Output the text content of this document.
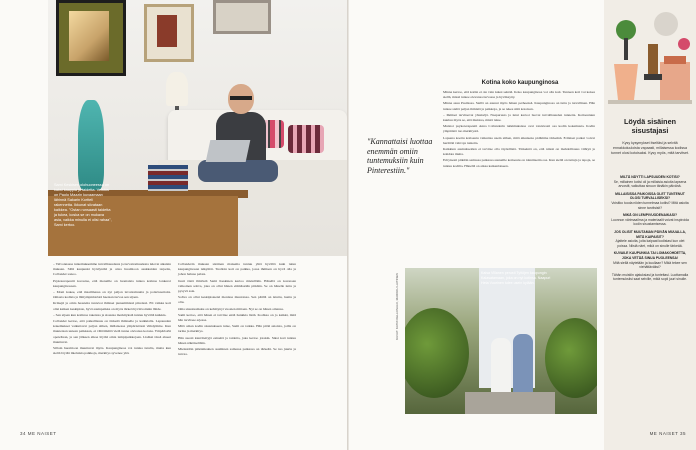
Sami Keskisen olohuoneessa on kaksi kaappia ja taidetta. Veistos on Paolo Mazzin kuvaamaan lähinnä Sakarin Kortteli rakennetta. Ikkunat siivataan kaikkea. "Ostan runsaasti taidetta ja tukea, koska se on mukava asia, vaikka minulla ei olisi rahaa", Sami kertoo.

– Valvonnassa tuntemuksemme turvallisuudesta ja turvattomuudesta tulevat aikaisin mukaan. Sillä kaupunki hyödyntää ja ottaa huomioon asukkaiden tarpeita, Collander sanoo.

Psykoterapeutti korostaa, että moneille on luontaista tuntea kotinsa lonkerot kaupunginosaan.

– Moni kokee, että maailmassa on nyt paljon levottomuutta ja polarisaatioita. Omasta kodista ja lähiympäristöstä haetaan turvaa sen sijaan.

Kriisejä ja omia haasteita tuntevat ihmiset pienemmissä piireissä. Eli vaikka koti olisi kaiken keskipiste, hyvä asuinpaikka on myös tärkeä hyvinvoinnin lähde.

– Sen sijaan kun kotiinsa rakentaa ja sisustaa merkityksiä tuntuu hyvältä kaikkia.

Collander kertoo, että paikallisuus on tärkeää ihmiselle ja kaikkialla. Lapsuuden kokemukset vaikuttavat paljon siihen, millaisessa ympäristössä viihdymme. Kun muutetaan uuteen paikkaan, ei välttämättä vielä tunne olevansa kotona. Ympäristöä opetellaan, ja sen jälkeen alkaa löytää omia lempipaikkojaan. Lisäksi tässä alueet muuttuvat.

Silloin huomioon muuttuvat myös. Kaupunginosa voi tuntua tutulta, mutta kun sieltä löytää mieluisia paikkoja, merkitys syvenee yhä.

Collanderin mukaan sisäinen maisema tuntuu yhtä hyvältä kuin tutun kaupunginosan näkymät. Tuolloin koti on paikka, jossa ihmisen on hyvä olla ja johon haluaa palata.

Juuri tästä ilmiöstä Sami Keskinen kertoo mielellään. Hänellä on kotonaan valkoinen sohva, joka on ollut hänen elämässään pitkään. Se on hänelle tuttu ja pysyvä asia.

Sohva on ollut keskipisteenä monissa muutoissa. Sen päällä on istuttu, luettu ja oltu.

Oma sisustusmaku on kehittynyt vuosien mittaan. Nyt se on hänen omansa.

Sami kertoo, että hänen ei tarvitse enää hankkia lisää. Kodissa on jo kaikki, mitä hän tarvitsee arjessa.

Mitä oman kodin sisustukseen tulee, Sami on tarkka. Hän pitää asioista, joilla on tarina ja merkitys.

Hän suosii kierrätettyjä esineitä ja taidetta, joka kertoo jotakin. Siksi koti tuntuu hänen näköiseltään.

Mielestään pitkäaikainen asuminen samassa paikassa on tärkeää. Se tuo juuria ja turvaa.

34 ME NAISET
"Kannattaisi luottaa enemmän omiin tuntemuksiin kuin Pinterestiin."
Kotina koko kaupunginosa

Minna kertoo, että kotiin ei ole vain kaksi seinää. Koko kaupunginosa voi olla koti. Tunteen koti voi kokea siellä, missä tuntee olevansa turvassa ja hyväksytty.

Minna asuu Pasilassa. Siellä on asunut myös hänen perheensä. Kaupunginosa on tuttu ja turvallinen. Hän tuntee sieltä paljon ihmisiä ja paikkoja, ja se tekee siitä kotoisan.

– Ihmiset tarvitsevat yhteisöjä. Naapurusto ja tutut kasvot luovat turvallisuuden tunnetta. Kotiseutuun kuuluu myös se, että muistaa, mistä tulee.

Muistot psykoterapeutti Anna Collanderin tutkimuksissa ovat toistuvasti osa kodin kokemusta. Kodin ympäristö tuo merkitystä.

Lapsena koettu kotiseutu vaikuttaa usein siihen, mitä aikuisena pidämme tärkeänä. Erilaiset paikat voivat herättää vahvoja tunteita.

Kaikkien asuinalueiden ei tarvitse olla täydellisiä. Tärkeintä on, että niissä on mahdollisuus viihtyä ja kohdata muita.

Erityisesti pitkään samassa paikassa asuneille kotiseutu on identiteetin osa. Kun siellä on tuttuja ja tapoja, se tuntuu kodilta. Hänellä on aikaa kaikenlaiseen.

Kaisa Villanen perusti Tyttöjen kaupungin Kalasatamaan, joka on nyt kotinsa. Naapuri Heta Vuorinen tulee usein kylään.
KUVAT: KATRI KELLOSALO, MARKKU LAITINEN
Löydä sisäinen sisustajasi
Kysy kysymykset itseltäsi ja selvitä ennakkoluuloista vapaasti, millaisessa kodissa tunnet olosi kotoisaksi. Kysy myös, mitä tarvitset.
MILTÄ NÄYTTI LAPSUUDEN KOTISI?
Se, millainen kotisi oli ja millaisia asioita lapsena arvostit, vaikuttaa sinuun tänäkin päivänä.
MILLAISISSA PAIKOISSA OLET TUNTENUT OLOSI TURVALLISEKSI?
Voisitko tuoda niiden tunnelmaa kotiisi? Mitä asioita sinne tarvitsisit?
MIKÄ ON LEMPIVUODENAIKASI?
Luonnon värimaailma ja materiaalit voivat inspiroida kodin sisustamisessa.
JOS OLISIT MUUTAMAN PÄIVÄN MUUALLA, MITÄ KAIPAISIT?
Ajattele asioita, joita kaipaat kodistasi kun olet poissa. Niistä näet, mikä on sinulle tärkeää.
KUVAILE KAUPUNKIA TAI LOMAKOHDETTA, JOKA VETÄÄ SINUA PUOLEENSA!
Mitä siellä näytetään ja kuullaan? Mikä tekee sen viehättäväksi?
Tähän muistiin ajatuksiasi ja tunteitasi. Luottamalla tuntemuksiisi saat selville, mikä sopii juuri sinulle.
ME NAISET 35
